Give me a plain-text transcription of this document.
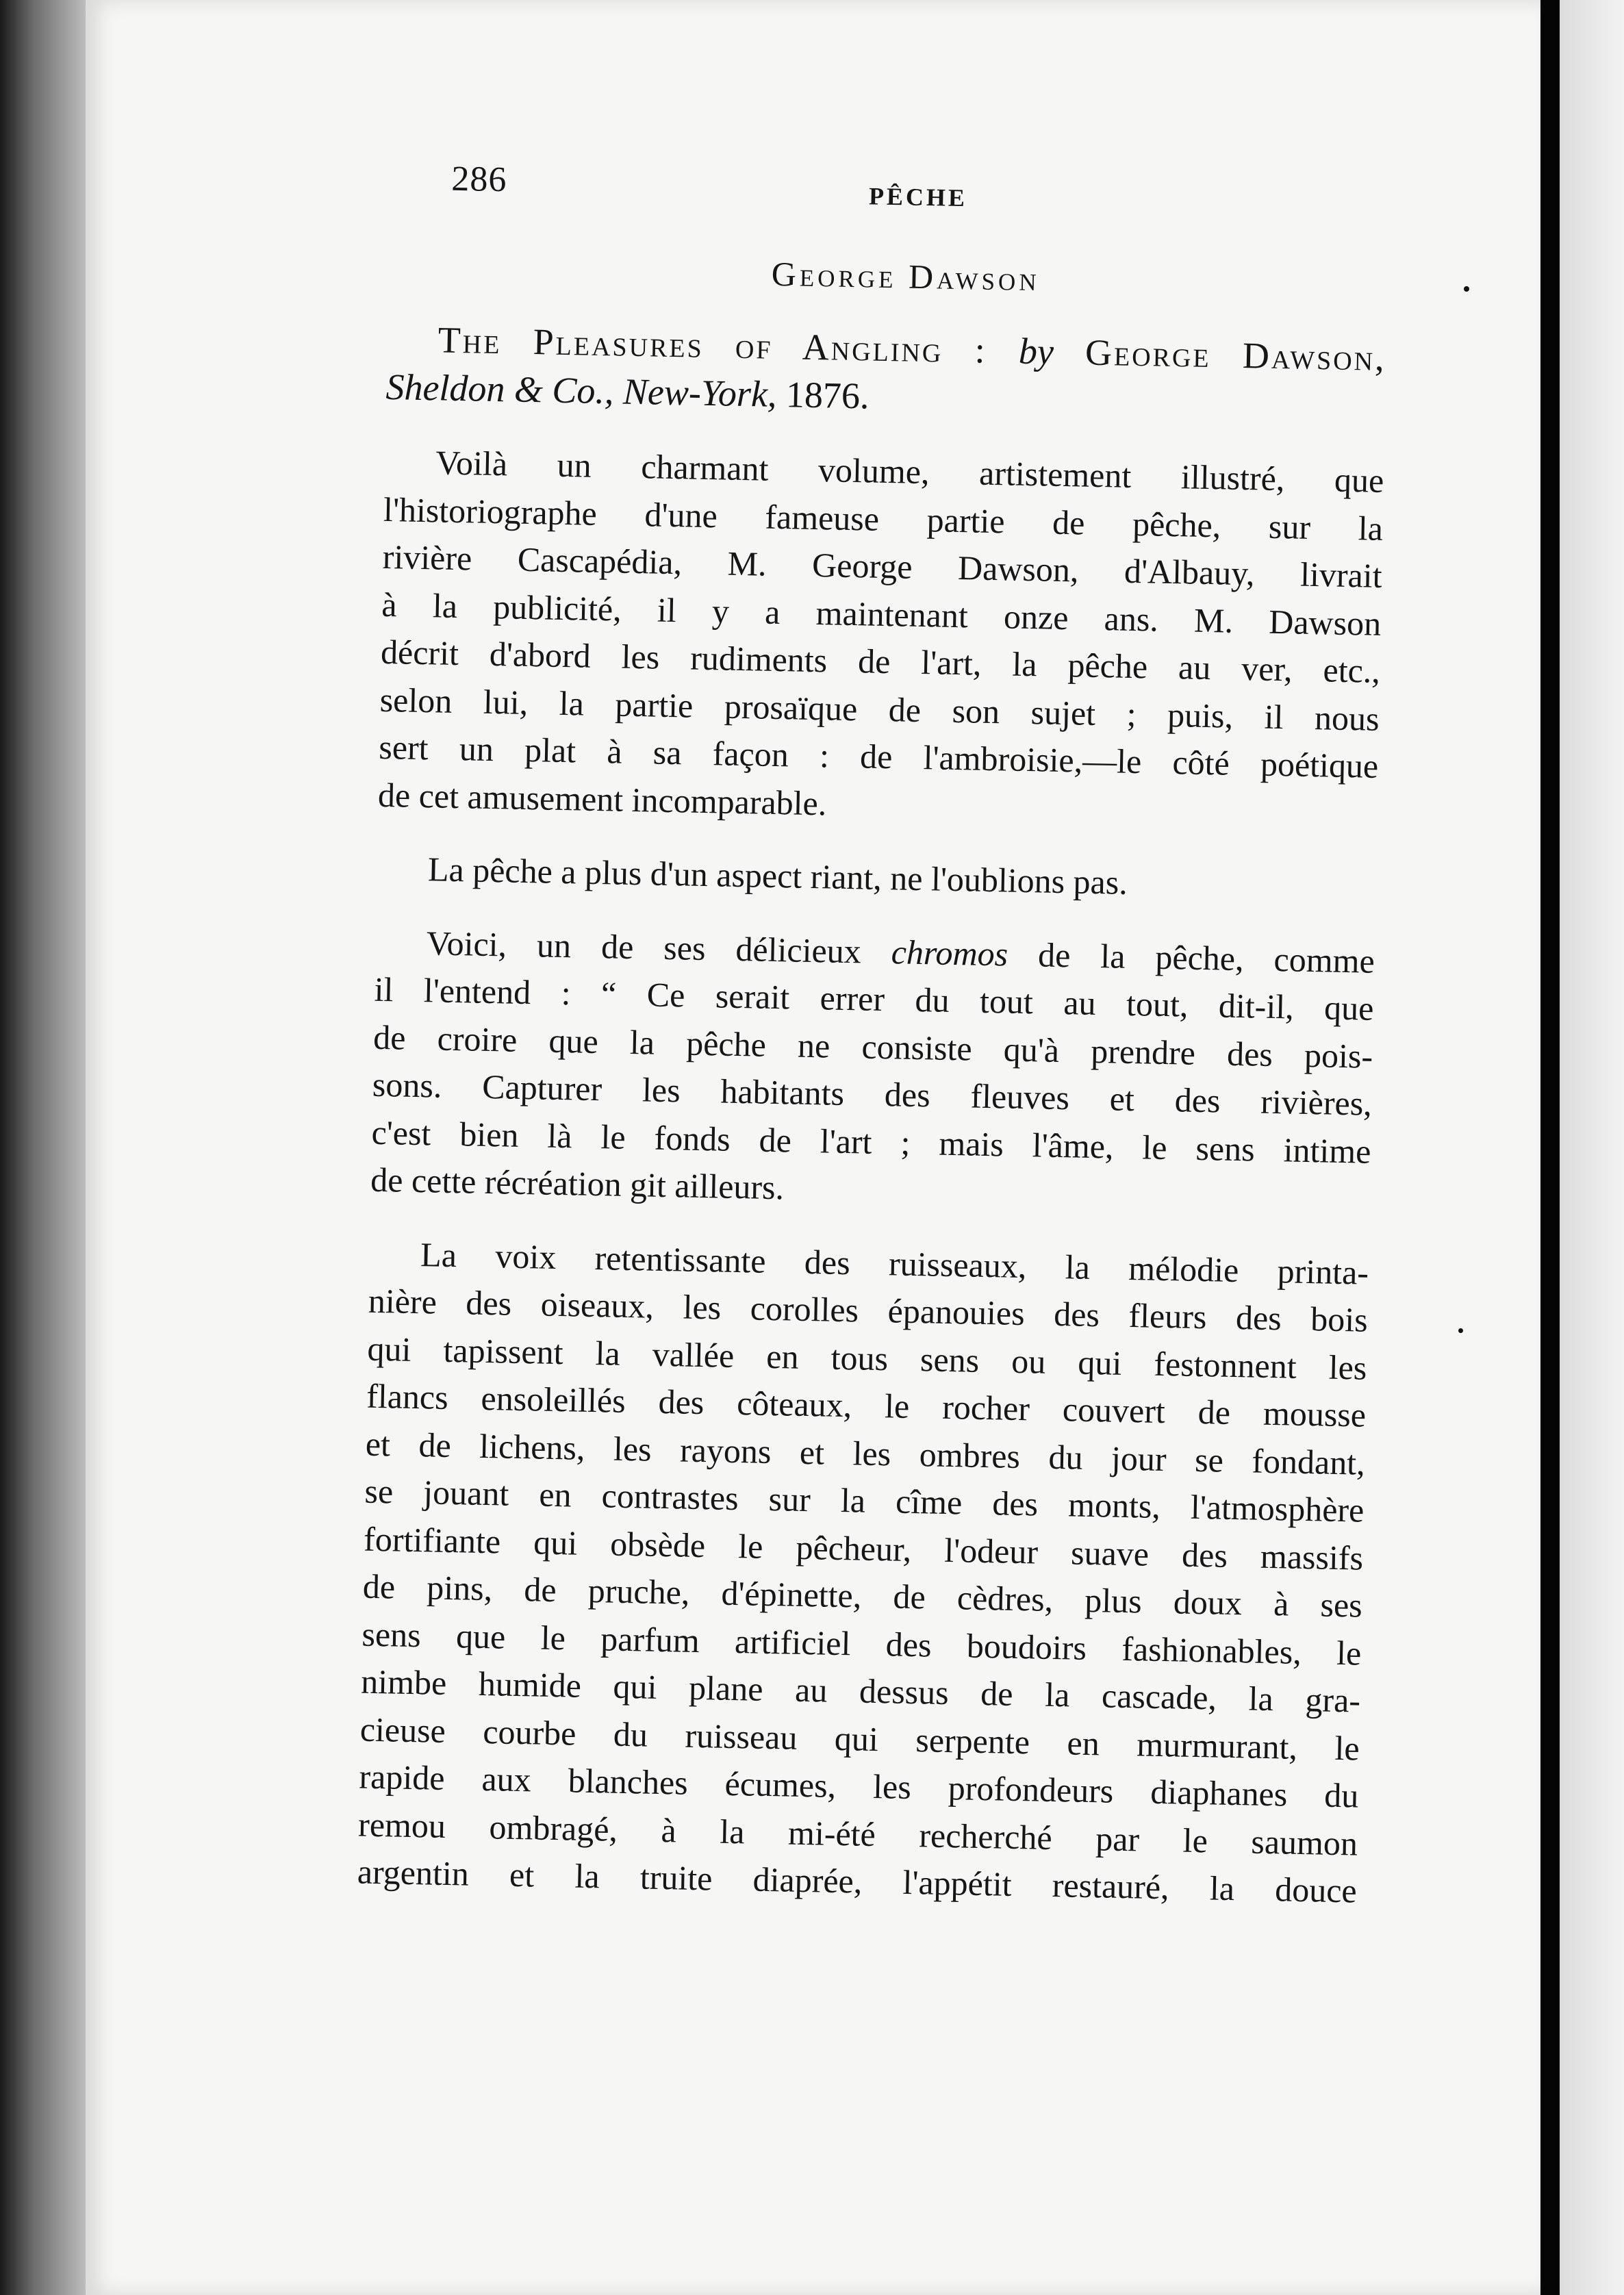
286	PÊCHE
George Dawson
The Pleasures of Angling : by George Dawson,
Sheldon & Co., New-York, 1876.

Voilà un charmant volume, artistement illustré, que
l'historiographe d'une fameuse partie de pêche, sur la
rivière Cascapédia, M. George Dawson, d'Albauy, livrait
à la publicité, il y a maintenant onze ans. M. Dawson
décrit d'abord les rudiments de l'art, la pêche au ver, etc.,
selon lui, la partie prosaïque de son sujet ; puis, il nous
sert un plat à sa façon : de l'ambroisie,—le côté poétique
de cet amusement incomparable.

La pêche a plus d'un aspect riant, ne l'oublions pas.

Voici, un de ses délicieux chromos de la pêche, comme
il l'entend : “ Ce serait errer du tout au tout, dit-il, que
de croire que la pêche ne consiste qu'à prendre des pois-
sons. Capturer les habitants des fleuves et des rivières,
c'est bien là le fonds de l'art ; mais l'âme, le sens intime
de cette récréation git ailleurs.

La voix retentissante des ruisseaux, la mélodie printa-
nière des oiseaux, les corolles épanouies des fleurs des bois
qui tapissent la vallée en tous sens ou qui festonnent les
flancs ensoleillés des côteaux, le rocher couvert de mousse
et de lichens, les rayons et les ombres du jour se fondant,
se jouant en contrastes sur la cîme des monts, l'atmosphère
fortifiante qui obsède le pêcheur, l'odeur suave des massifs
de pins, de pruche, d'épinette, de cèdres, plus doux à ses
sens que le parfum artificiel des boudoirs fashionables, le
nimbe humide qui plane au dessus de la cascade, la gra-
cieuse courbe du ruisseau qui serpente en murmurant, le
rapide aux blanches écumes, les profondeurs diaphanes du
remou ombragé, à la mi-été recherché par le saumon
argentin et la truite diaprée, l'appétit restauré, la douce
